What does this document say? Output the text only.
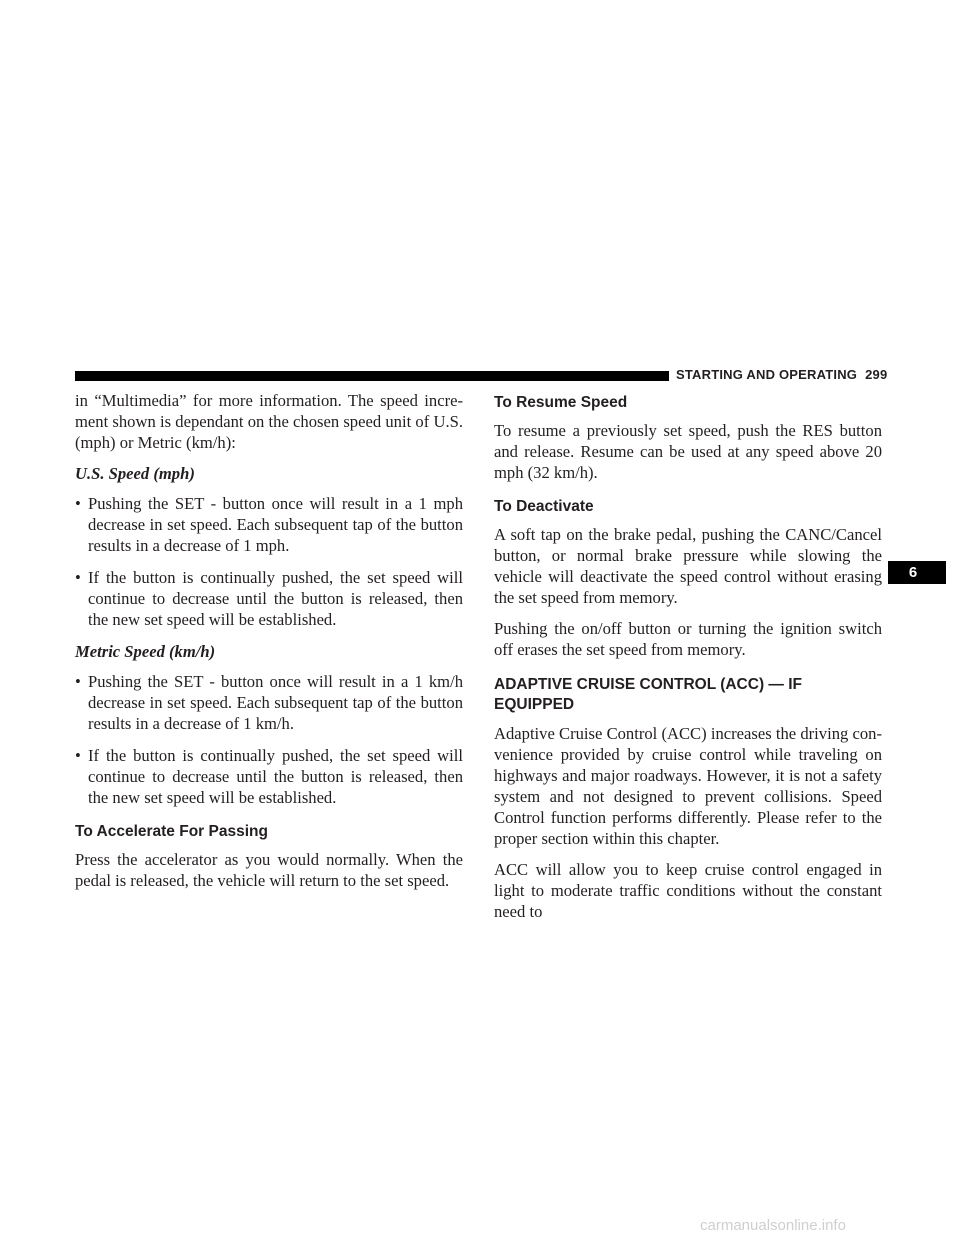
STARTING AND OPERATING 299

in “Multimedia” for more information. The speed incre- ment shown is dependant on the chosen speed unit of U.S. (mph) or Metric (km/h):

U.S. Speed (mph)
• Pushing the SET - button once will result in a 1 mph decrease in set speed. Each subsequent tap of the button results in a decrease of 1 mph.
• If the button is continually pushed, the set speed will continue to decrease until the button is released, then the new set speed will be established.
Metric Speed (km/h)
• Pushing the SET - button once will result in a 1 km/h decrease in set speed. Each subsequent tap of the button results in a decrease of 1 km/h.
• If the button is continually pushed, the set speed will continue to decrease until the button is released, then the new set speed will be established.
To Accelerate For Passing

Press the accelerator as you would normally. When the pedal is released, the vehicle will return to the set speed.

To Resume Speed

To resume a previously set speed, push the RES button and release. Resume can be used at any speed above 20 mph (32 km/h).

To Deactivate

A soft tap on the brake pedal, pushing the CANC/Cancel button, or normal brake pressure while slowing the vehicle will deactivate the speed control without erasing the set speed from memory.

Pushing the on/off button or turning the ignition switch off erases the set speed from memory.

ADAPTIVE CRUISE CONTROL (ACC) — IF
EQUIPPED

Adaptive Cruise Control (ACC) increases the driving con- venience provided by cruise control while traveling on highways and major roadways. However, it is not a safety system and not designed to prevent collisions. Speed Control function performs differently. Please refer to the proper section within this chapter.

ACC will allow you to keep cruise control engaged in light to moderate traffic conditions without the constant need to

6
carmanualsonline.info
